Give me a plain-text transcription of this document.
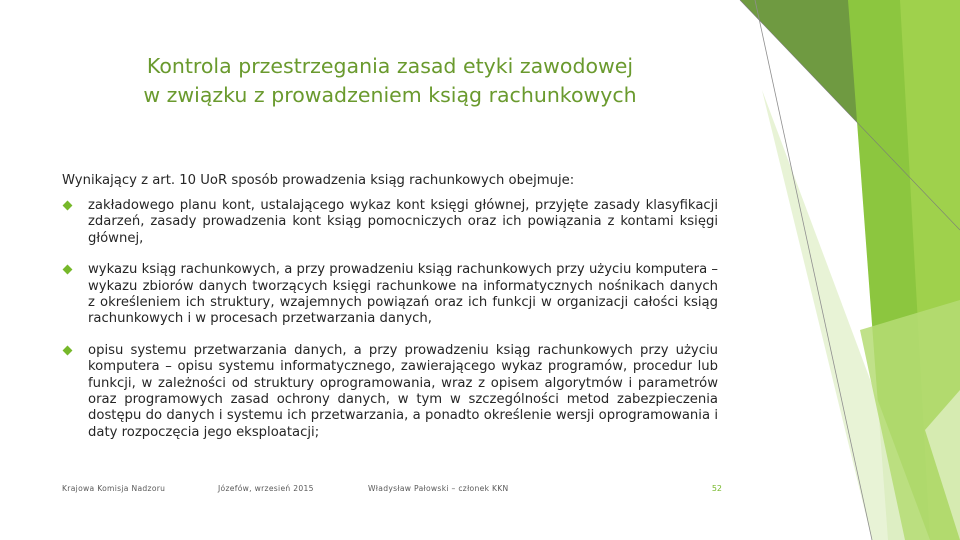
Kontrola przestrzegania zasad etyki zawodowej
w związku z prowadzeniem ksiąg rachunkowych
Wynikający z art. 10 UoR sposób prowadzenia ksiąg rachunkowych obejmuje:
zakładowego planu kont, ustalającego wykaz kont księgi głównej, przyjęte zasady klasyfikacji zdarzeń, zasady prowadzenia kont ksiąg pomocniczych oraz ich powiązania z kontami księgi głównej,
wykazu ksiąg rachunkowych, a przy prowadzeniu ksiąg rachunkowych przy użyciu komputera – wykazu zbiorów danych tworzących księgi rachunkowe na informatycznych nośnikach danych z określeniem ich struktury, wzajemnych powiązań oraz ich funkcji w organizacji całości ksiąg rachunkowych i w procesach przetwarzania danych,
opisu systemu przetwarzania danych, a przy prowadzeniu ksiąg rachunkowych przy użyciu komputera – opisu systemu informatycznego, zawierającego wykaz programów, procedur lub funkcji, w zależności od struktury oprogramowania, wraz z opisem algorytmów i parametrów oraz programowych zasad ochrony danych, w tym w szczególności metod zabezpieczenia dostępu do danych i systemu ich przetwarzania, a ponadto określenie wersji oprogramowania i daty rozpoczęcia jego eksploatacji;
Krajowa Komisja Nadzoru	Józefów, wrzesień 2015	Władysław Pałowski – członek KKN	52
